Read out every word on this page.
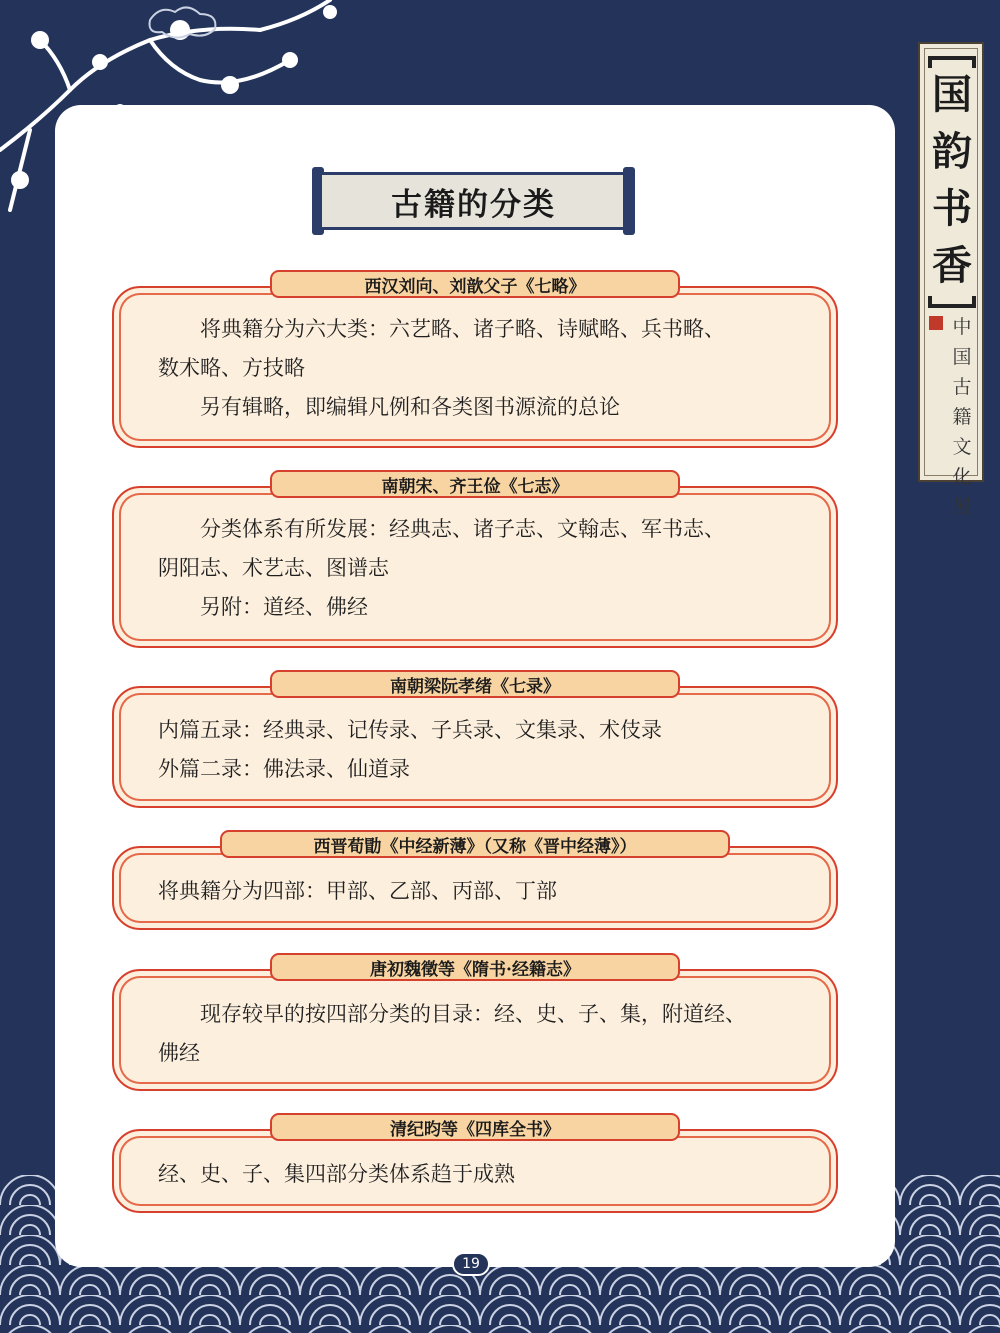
古籍的分类
国
韵
书
香
中
国
古
籍
文
化
展
西汉刘向、刘歆父子《七略》

将典籍分为六大类：六艺略、诸子略、诗赋略、兵书略、

数术略、方技略

另有辑略，即编辑凡例和各类图书源流的总论

南朝宋、齐王俭《七志》

分类体系有所发展：经典志、诸子志、文翰志、军书志、

阴阳志、术艺志、图谱志

另附：道经、佛经

南朝梁阮孝绪《七录》

内篇五录：经典录、记传录、子兵录、文集录、术伎录

外篇二录：佛法录、仙道录

西晋荀勖《中经新薄》（又称《晋中经薄》）

将典籍分为四部：甲部、乙部、丙部、丁部

唐初魏徵等《隋书·经籍志》

现存较早的按四部分类的目录：经、史、子、集，附道经、

佛经

清纪昀等《四库全书》

经、史、子、集四部分类体系趋于成熟

19
